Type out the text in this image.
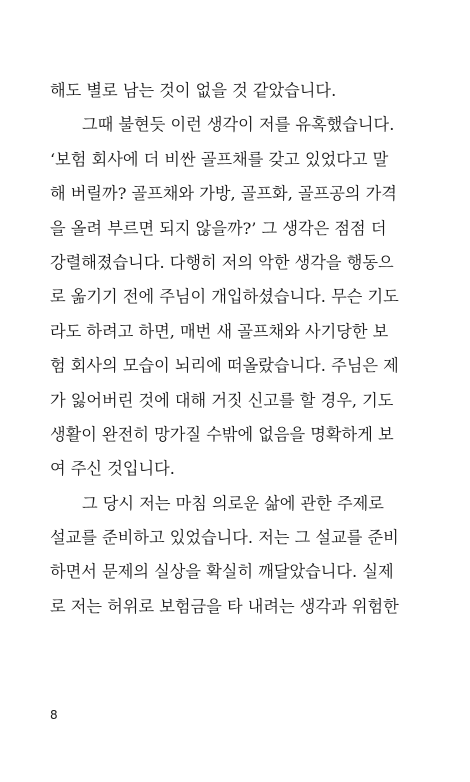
해도 별로 남는 것이 없을 것 같았습니다.
그때 불현듯 이런 생각이 저를 유혹했습니다.
‘보험 회사에 더 비싼 골프채를 갖고 있었다고 말
해 버릴까? 골프채와 가방, 골프화, 골프공의 가격
을 올려 부르면 되지 않을까?’ 그 생각은 점점 더
강렬해졌습니다. 다행히 저의 악한 생각을 행동으
로 옮기기 전에 주님이 개입하셨습니다. 무슨 기도
라도 하려고 하면, 매번 새 골프채와 사기당한 보
험 회사의 모습이 뇌리에 떠올랐습니다. 주님은 제
가 잃어버린 것에 대해 거짓 신고를 할 경우, 기도
생활이 완전히 망가질 수밖에 없음을 명확하게 보
여 주신 것입니다.
그 당시 저는 마침 의로운 삶에 관한 주제로
설교를 준비하고 있었습니다. 저는 그 설교를 준비
하면서 문제의 실상을 확실히 깨달았습니다. 실제
로 저는 허위로 보험금을 타 내려는 생각과 위험한
8
